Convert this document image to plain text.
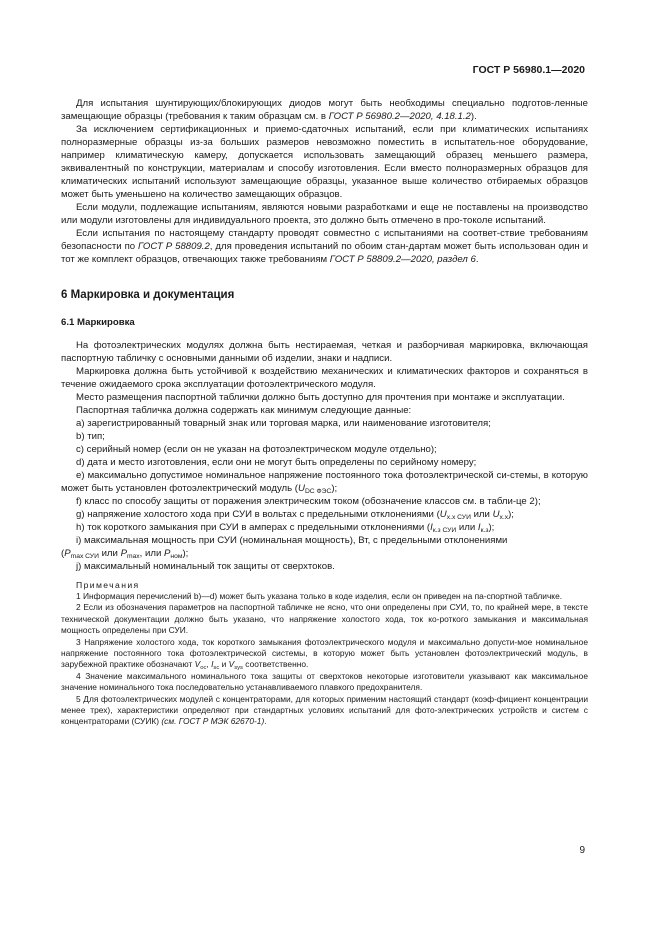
ГОСТ Р 56980.1—2020

Для испытания шунтирующих/блокирующих диодов могут быть необходимы специально подготов-ленные замещающие образцы (требования к таким образцам см. в ГОСТ Р 56980.2—2020, 4.18.1.2).

За исключением сертификационных и приемо-сдаточных испытаний, если при климатических испытаниях полноразмерные образцы из-за больших размеров невозможно поместить в испытатель-ное оборудование, например климатическую камеру, допускается использовать замещающий образец меньшего размера, эквивалентный по конструкции, материалам и способу изготовления. Если вместо полноразмерных образцов для климатических испытаний используют замещающие образцы, указанное выше количество отбираемых образцов может быть уменьшено на количество замещающих образцов.

Если модули, подлежащие испытаниям, являются новыми разработками и еще не поставлены на производство или модули изготовлены для индивидуального проекта, это должно быть отмечено в про-токоле испытаний.

Если испытания по настоящему стандарту проводят совместно с испытаниями на соответ-ствие требованиям безопасности по ГОСТ Р 58809.2, для проведения испытаний по обоим стан-дартам может быть использован один и тот же комплект образцов, отвечающих также требованиям ГОСТ Р 58809.2—2020, раздел 6.

6 Маркировка и документация
6.1 Маркировка

На фотоэлектрических модулях должна быть нестираемая, четкая и разборчивая маркировка, включающая паспортную табличку с основными данными об изделии, знаки и надписи.

Маркировка должна быть устойчивой к воздействию механических и климатических факторов и сохраняться в течение ожидаемого срока эксплуатации фотоэлектрического модуля.

Место размещения паспортной таблички должно быть доступно для прочтения при монтаже и эксплуатации.

Паспортная табличка должна содержать как минимум следующие данные:

a) зарегистрированный товарный знак или торговая марка, или наименование изготовителя;

b) тип;

c) серийный номер (если он не указан на фотоэлектрическом модуле отдельно);

d) дата и место изготовления, если они не могут быть определены по серийному номеру;

e) максимально допустимое номинальное напряжение постоянного тока фотоэлектрической си-стемы, в которую может быть установлен фотоэлектрический модуль $(U_{DC ФЭС})$;

f) класс по способу защиты от поражения электрическим током (обозначение классов см. в табли-це 2);

g) напряжение холостого хода при СУИ в вольтах с предельными отклонениями ($U_{х.х СУИ}$ или $U_{х.х}$);

h) ток короткого замыкания при СУИ в амперах с предельными отклонениями ($I_{к.з СУИ}$ или $I_{к.з}$);

i) максимальная мощность при СУИ (номинальная мощность), Вт, с предельными отклонениями

($P_{max СУИ}$ или $P_{max}$, или $P_{ном}$);

j) максимальный номинальный ток защиты от сверхтоков.

Примечания

1 Информация перечислений b)—d) может быть указана только в коде изделия, если он приведен на па-спортной табличке.

2 Если из обозначения параметров на паспортной табличке не ясно, что они определены при СУИ, то, по крайней мере, в тексте технической документации должно быть указано, что напряжение холостого хода, ток ко-роткого замыкания и максимальная мощность определены при СУИ.

3 Напряжение холостого хода, ток короткого замыкания фотоэлектрического модуля и максимально допусти-мое номинальное напряжение постоянного тока фотоэлектрической системы, в которую может быть установлен фотоэлектрический модуль, в зарубежной практике обозначают $V_{oc}$, $I_{sc}$ и $V_{sys}$ соответственно.

4 Значение максимального номинального тока защиты от сверхтоков некоторые изготовители указывают как максимальное значение номинального тока последовательно устанавливаемого плавкого предохранителя.

5 Для фотоэлектрических модулей с концентраторами, для которых применим настоящий стандарт (коэф-фициент концентрации менее трех), характеристики определяют при стандартных условиях испытаний для фото-электрических устройств и систем с концентраторами (СУИК) (см. ГОСТ Р МЭК 62670-1).

9
